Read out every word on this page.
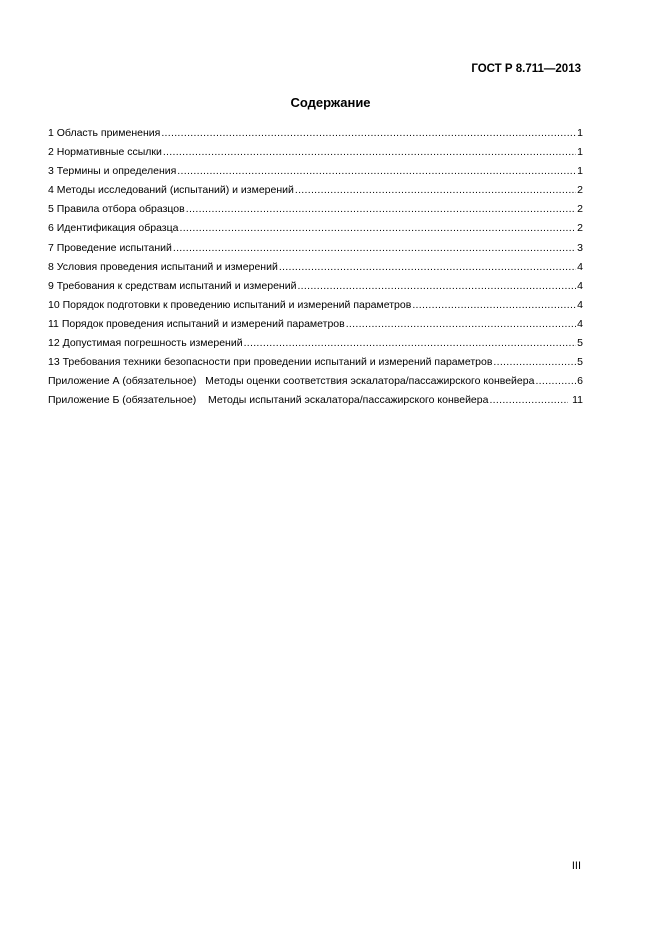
ГОСТ Р 8.711—2013
Содержание
1 Область применения .....	1
2 Нормативные ссылки .....	1
3 Термины и определения .....	1
4 Методы исследований (испытаний) и измерений .....	2
5 Правила отбора образцов .....	2
6 Идентификация образца .....	2
7 Проведение испытаний .....	3
8 Условия проведения испытаний и измерений .....	4
9 Требования к средствам испытаний и измерений .....	4
10 Порядок подготовки к проведению испытаний и измерений параметров .....	4
11 Порядок проведения испытаний и измерений параметров .....	4
12 Допустимая погрешность измерений .....	5
13 Требования техники безопасности при проведении испытаний и измерений параметров .....	5
Приложение А (обязательное)   Методы оценки соответствия эскалатора/пассажирского конвейера .....	6
Приложение Б (обязательное)    Методы испытаний эскалатора/пассажирского конвейера .....	11
III
